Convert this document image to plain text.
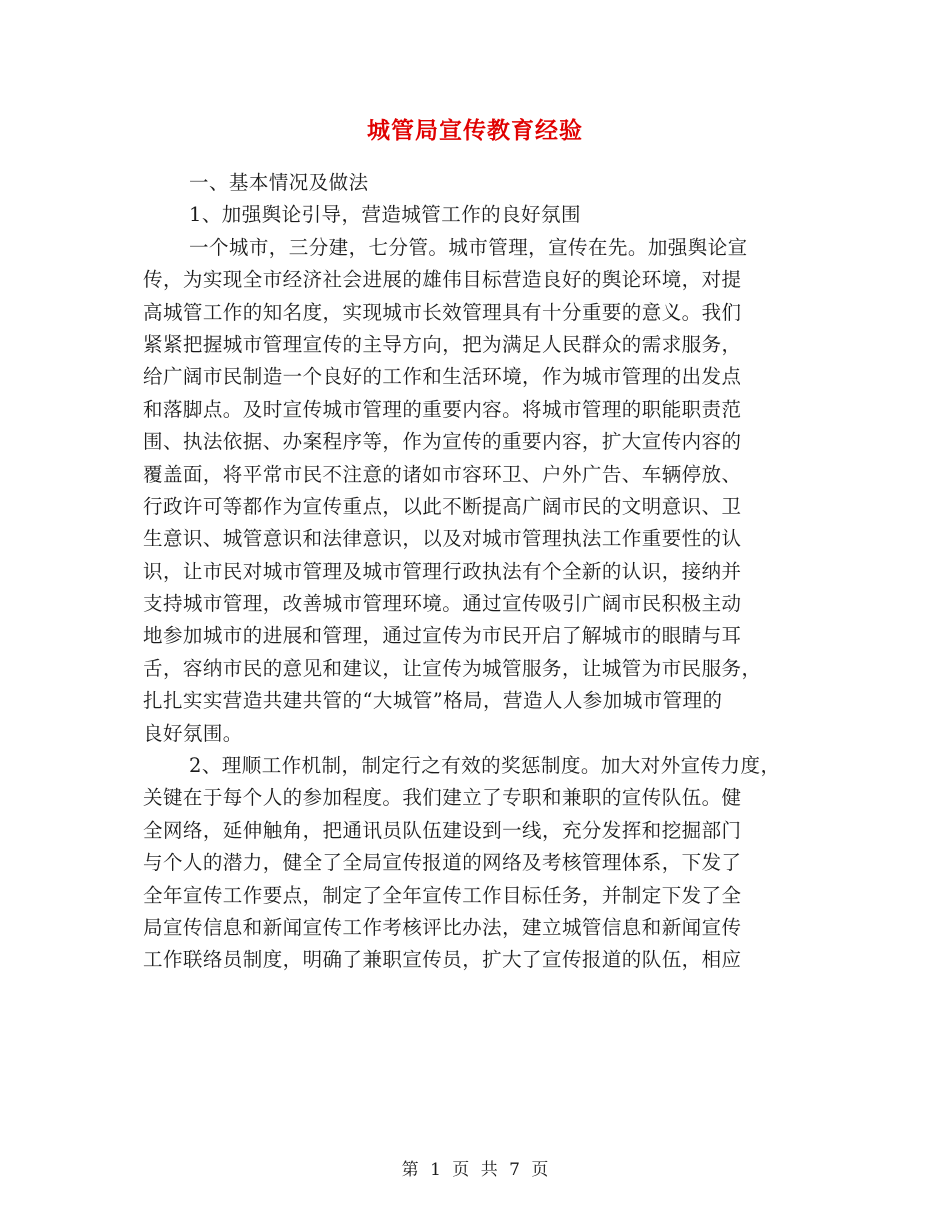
城管局宣传教育经验
一、基本情况及做法
1、加强舆论引导，营造城管工作的良好氛围
一个城市，三分建，七分管。城市管理，宣传在先。加强舆论宣
传，为实现全市经济社会进展的雄伟目标营造良好的舆论环境，对提
高城管工作的知名度，实现城市长效管理具有十分重要的意义。我们
紧紧把握城市管理宣传的主导方向，把为满足人民群众的需求服务，
给广阔市民制造一个良好的工作和生活环境，作为城市管理的出发点
和落脚点。及时宣传城市管理的重要内容。将城市管理的职能职责范
围、执法依据、办案程序等，作为宣传的重要内容，扩大宣传内容的
覆盖面，将平常市民不注意的诸如市容环卫、户外广告、车辆停放、
行政许可等都作为宣传重点，以此不断提高广阔市民的文明意识、卫
生意识、城管意识和法律意识，以及对城市管理执法工作重要性的认
识，让市民对城市管理及城市管理行政执法有个全新的认识，接纳并
支持城市管理，改善城市管理环境。通过宣传吸引广阔市民积极主动
地参加城市的进展和管理，通过宣传为市民开启了解城市的眼睛与耳
舌，容纳市民的意见和建议，让宣传为城管服务，让城管为市民服务，
扎扎实实营造共建共管的“大城管”格局，营造人人参加城市管理的
良好氛围。
2、理顺工作机制，制定行之有效的奖惩制度。加大对外宣传力度，
关键在于每个人的参加程度。我们建立了专职和兼职的宣传队伍。健
全网络，延伸触角，把通讯员队伍建设到一线，充分发挥和挖掘部门
与个人的潜力，健全了全局宣传报道的网络及考核管理体系，下发了
全年宣传工作要点，制定了全年宣传工作目标任务，并制定下发了全
局宣传信息和新闻宣传工作考核评比办法，建立城管信息和新闻宣传
工作联络员制度，明确了兼职宣传员，扩大了宣传报道的队伍，相应
第 1 页 共 7 页
